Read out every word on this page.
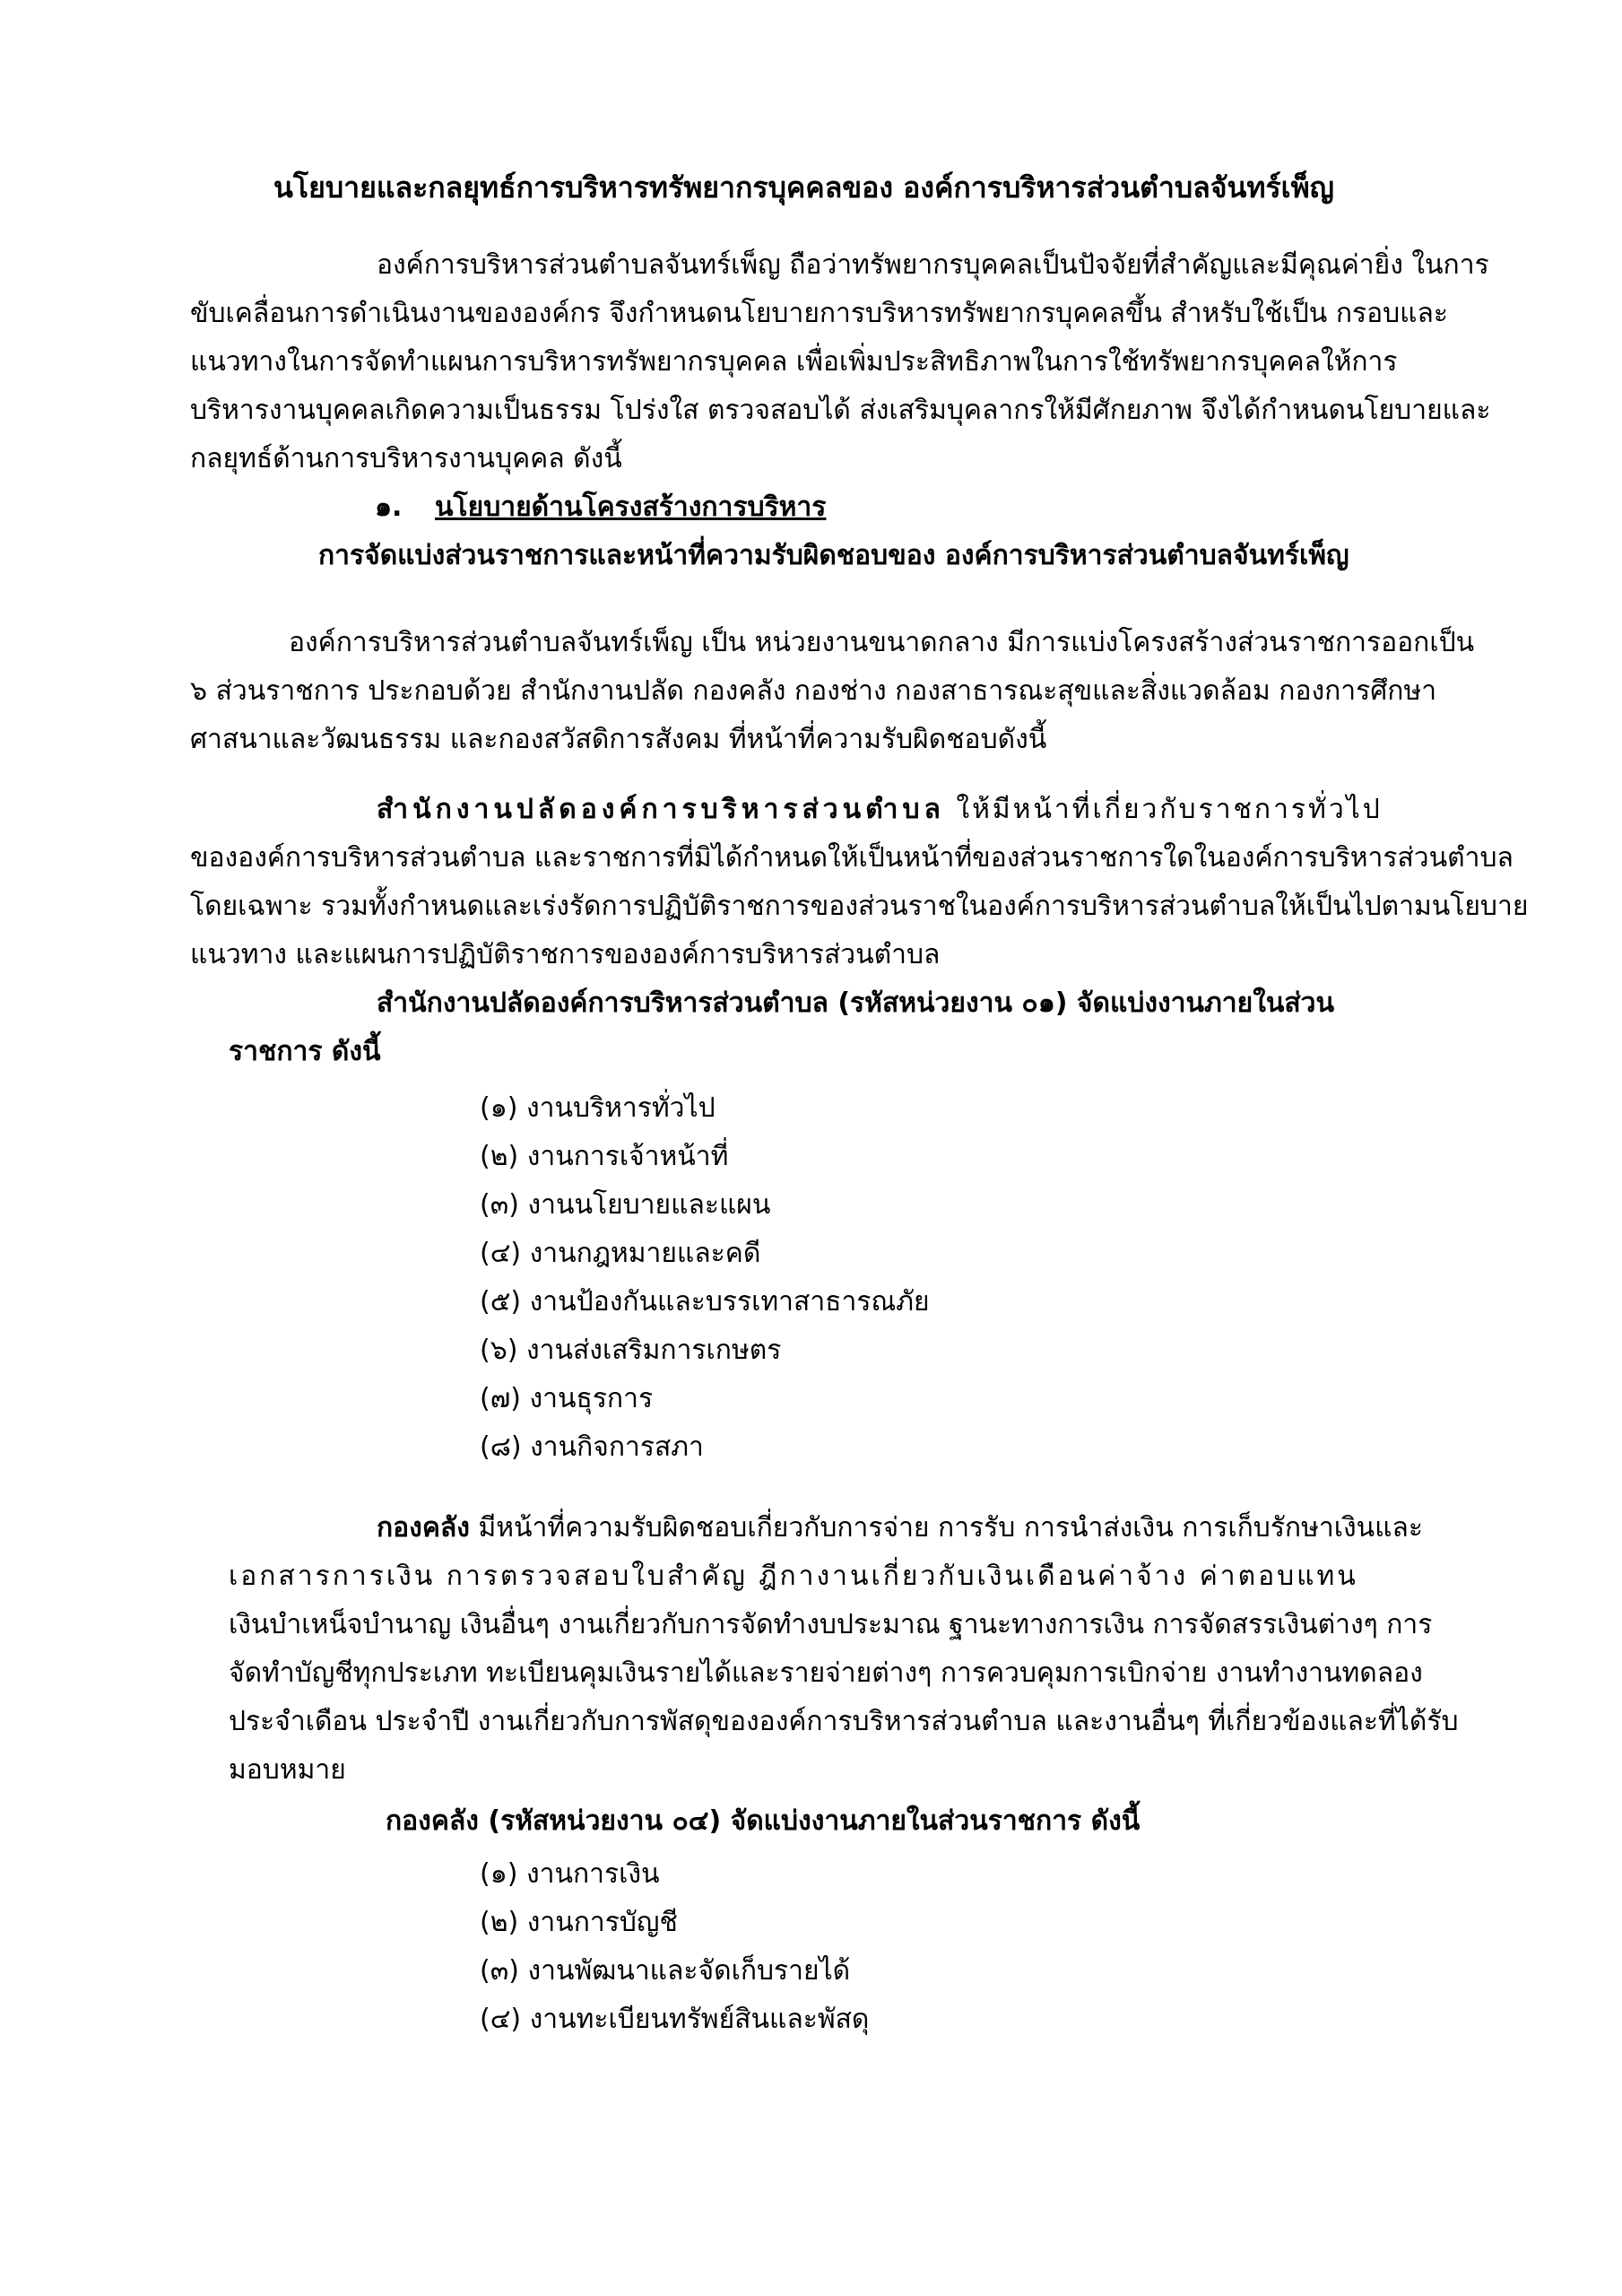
นโยบายและกลยุทธ์การบริหารทรัพยากรบุคคลของ องค์การบริหารส่วนตำบลจันทร์เพ็ญ
องค์การบริหารส่วนตำบลจันทร์เพ็ญ ถือว่าทรัพยากรบุคคลเป็นปัจจัยที่สำคัญและมีคุณค่ายิ่ง ในการ
ขับเคลื่อนการดำเนินงานขององค์กร จึงกำหนดนโยบายการบริหารทรัพยากรบุคคลขึ้น สำหรับใช้เป็น กรอบและ
แนวทางในการจัดทำแผนการบริหารทรัพยากรบุคคล เพื่อเพิ่มประสิทธิภาพในการใช้ทรัพยากรบุคคลให้การ
บริหารงานบุคคลเกิดความเป็นธรรม โปร่งใส ตรวจสอบได้ ส่งเสริมบุคลากรให้มีศักยภาพ จึงได้กำหนดนโยบายและ
กลยุทธ์ด้านการบริหารงานบุคคล ดังนี้
๑. นโยบายด้านโครงสร้างการบริหาร
การจัดแบ่งส่วนราชการและหน้าที่ความรับผิดชอบของ องค์การบริหารส่วนตำบลจันทร์เพ็ญ
องค์การบริหารส่วนตำบลจันทร์เพ็ญ เป็น หน่วยงานขนาดกลาง มีการแบ่งโครงสร้างส่วนราชการออกเป็น
๖ ส่วนราชการ ประกอบด้วย สำนักงานปลัด กองคลัง กองช่าง กองสาธารณะสุขและสิ่งแวดล้อม กองการศึกษา
ศาสนาและวัฒนธรรม และกองสวัสดิการสังคม ที่หน้าที่ความรับผิดชอบดังนี้
สำนักงานปลัดองค์การบริหารส่วนตำบล ให้มีหน้าที่เกี่ยวกับราชการทั่วไป
ขององค์การบริหารส่วนตำบล และราชการที่มิได้กำหนดให้เป็นหน้าที่ของส่วนราชการใดในองค์การบริหารส่วนตำบล
โดยเฉพาะ รวมทั้งกำหนดและเร่งรัดการปฏิบัติราชการของส่วนราชในองค์การบริหารส่วนตำบลให้เป็นไปตามนโยบาย
แนวทาง และแผนการปฏิบัติราชการขององค์การบริหารส่วนตำบล
สำนักงานปลัดองค์การบริหารส่วนตำบล (รหัสหน่วยงาน ๐๑) จัดแบ่งงานภายในส่วน
ราชการ ดังนี้
(๑) งานบริหารทั่วไป
(๒) งานการเจ้าหน้าที่
(๓) งานนโยบายและแผน
(๔) งานกฎหมายและคดี
(๕) งานป้องกันและบรรเทาสาธารณภัย
(๖) งานส่งเสริมการเกษตร
(๗) งานธุรการ
(๘) งานกิจการสภา
กองคลัง มีหน้าที่ความรับผิดชอบเกี่ยวกับการจ่าย การรับ การนำส่งเงิน การเก็บรักษาเงินและ
เอกสารการเงิน การตรวจสอบใบสำคัญ ฎีกางานเกี่ยวกับเงินเดือนค่าจ้าง ค่าตอบแทน
เงินบำเหน็จบำนาญ เงินอื่นๆ งานเกี่ยวกับการจัดทำงบประมาณ ฐานะทางการเงิน การจัดสรรเงินต่างๆ การ
จัดทำบัญชีทุกประเภท ทะเบียนคุมเงินรายได้และรายจ่ายต่างๆ การควบคุมการเบิกจ่าย งานทำงานทดลอง
ประจำเดือน ประจำปี งานเกี่ยวกับการพัสดุขององค์การบริหารส่วนตำบล และงานอื่นๆ ที่เกี่ยวข้องและที่ได้รับ
มอบหมาย
กองคลัง (รหัสหน่วยงาน ๐๔) จัดแบ่งงานภายในส่วนราชการ ดังนี้
(๑) งานการเงิน
(๒) งานการบัญชี
(๓) งานพัฒนาและจัดเก็บรายได้
(๔) งานทะเบียนทรัพย์สินและพัสดุ
